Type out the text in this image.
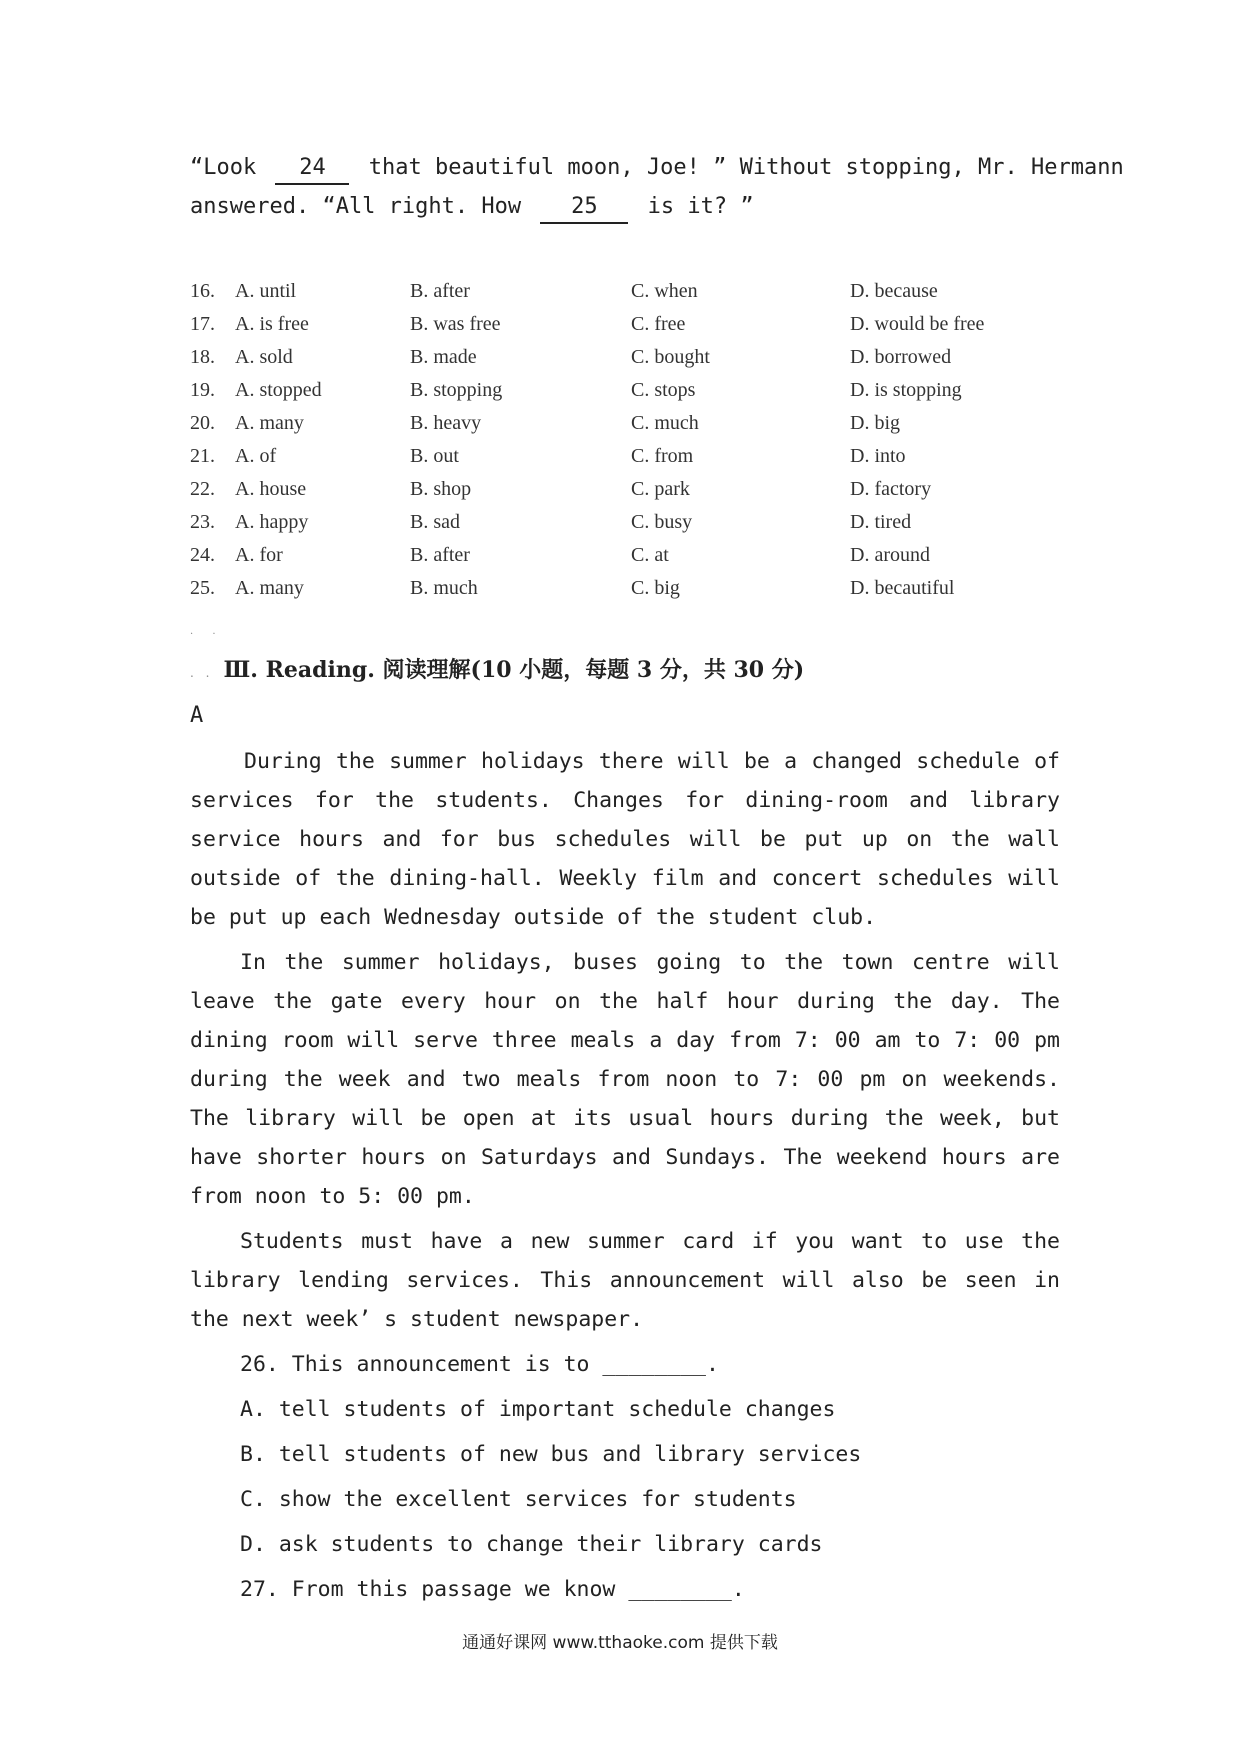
“Look 24 that beautiful moon, Joe! ” Without stopping, Mr. Hermann
answered. “All right. How 25 is it? ”
16.	A. until	B. after	C. when	D. because
17.	A. is free	B. was free	C. free	D. would be free
18.	A. sold	B. made	C. bought	D. borrowed
19.	A. stopped	B. stopping	C. stops	D. is stopping
20.	A. many	B. heavy	C. much	D. big
21.	A. of	B. out	C. from	D. into
22.	A. house	B. shop	C. park	D. factory
23.	A. happy	B. sad	C. busy	D. tired
24.	A. for	B. after	C. at	D. around
25.	A. many	B. much	C. big	D. becautiful
. .
. . Ⅲ. Reading. 阅读理解(10 小题，每题 3 分，共 30 分)
A

During the summer holidays there will be a changed schedule of services for the students. Changes for dining-room and library service hours and for bus schedules will be put up on the wall outside of the dining-hall. Weekly film and concert schedules will be put up each Wednesday outside of the student club.

In the summer holidays, buses going to the town centre will leave the gate every hour on the half hour during the day. The dining room will serve three meals a day from 7: 00 am to 7: 00 pm during the week and two meals from noon to 7: 00 pm on weekends. The library will be open at its usual hours during the week, but have shorter hours on Saturdays and Sundays. The weekend hours are from noon to 5: 00 pm.

Students must have a new summer card if you want to use the library lending services. This announcement will also be seen in the next week’ s student newspaper.

26. This announcement is to ________.

A. tell students of important schedule changes

B. tell students of new bus and library services

C. show the excellent services for students

D. ask students to change their library cards

27. From this passage we know ________.

通通好课网 www.tthaoke.com 提供下载
